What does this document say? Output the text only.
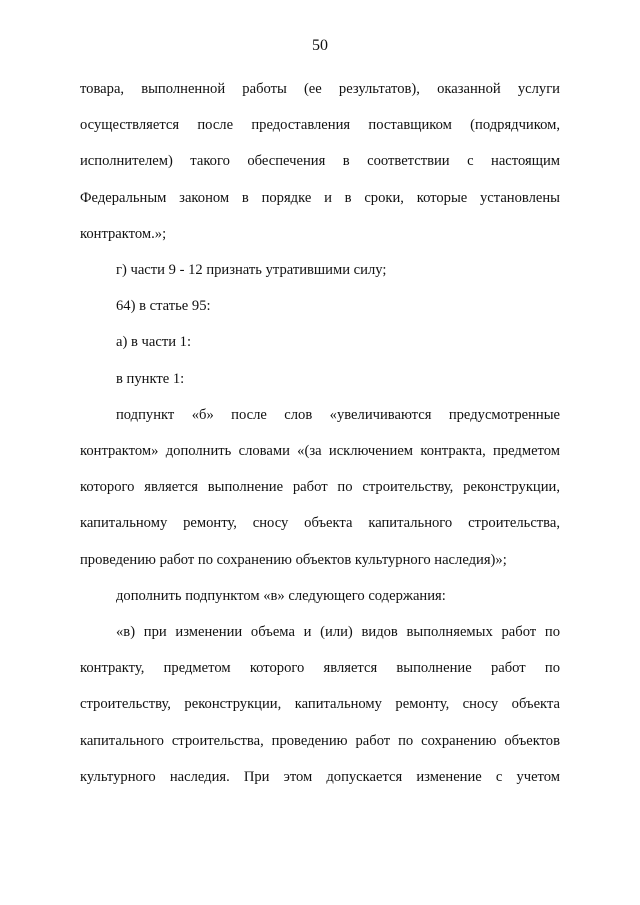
50
товара, выполненной работы (ее результатов), оказанной услуги
осуществляется после предоставления поставщиком (подрядчиком,
исполнителем) такого обеспечения в соответствии с настоящим
Федеральным законом в порядке и в сроки, которые установлены
контрактом.»;
г) части 9 - 12 признать утратившими силу;
64) в статье 95:
а) в части 1:
в пункте 1:
подпункт «б» после слов «увеличиваются предусмотренные
контрактом» дополнить словами «(за исключением контракта, предметом
которого является выполнение работ по строительству, реконструкции,
капитальному ремонту, сносу объекта капитального строительства,
проведению работ по сохранению объектов культурного наследия)»;
дополнить подпунктом «в» следующего содержания:
«в) при изменении объема и (или) видов выполняемых работ по
контракту, предметом которого является выполнение работ по
строительству, реконструкции, капитальному ремонту, сносу объекта
капитального строительства, проведению работ по сохранению объектов
культурного наследия. При этом допускается изменение с учетом
